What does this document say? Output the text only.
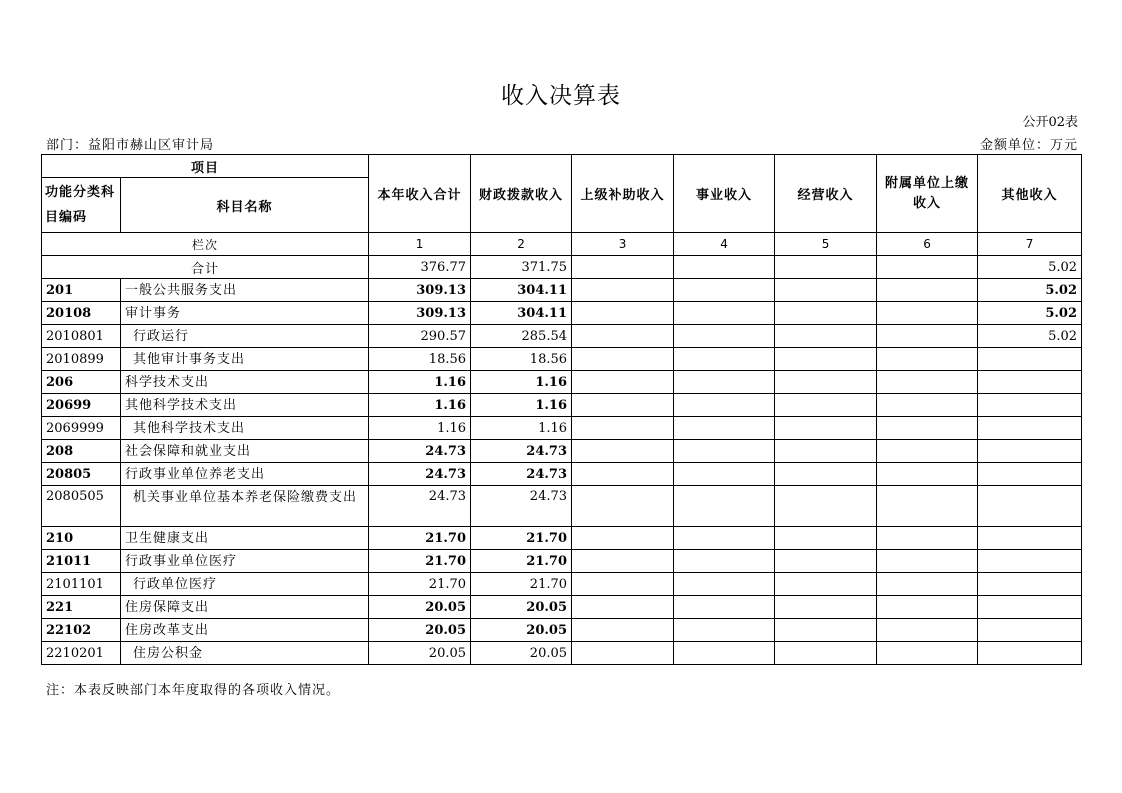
收入决算表
公开02表
部门：益阳市赫山区审计局	金额单位：万元
项目		本年收入合计	财政拨款收入	上级补助收入	事业收入	经营收入	附属单位上缴收入	其他收入
功能分类科目编码	科目名称							
栏次		1	2	3	4	5	6	7
合计		376.77	371.75					5.02
201	一般公共服务支出	309.13	304.11					5.02
20108	审计事务	309.13	304.11					5.02
2010801	行政运行	290.57	285.54					5.02
2010899	其他审计事务支出	18.56	18.56					
206	科学技术支出	1.16	1.16					
20699	其他科学技术支出	1.16	1.16					
2069999	其他科学技术支出	1.16	1.16					
208	社会保障和就业支出	24.73	24.73					
20805	行政事业单位养老支出	24.73	24.73					
2080505	机关事业单位基本养老保险缴费支出	24.73	24.73					
210	卫生健康支出	21.70	21.70					
21011	行政事业单位医疗	21.70	21.70					
2101101	行政单位医疗	21.70	21.70					
221	住房保障支出	20.05	20.05					
22102	住房改革支出	20.05	20.05					
2210201	住房公积金	20.05	20.05					
注：本表反映部门本年度取得的各项收入情况。
